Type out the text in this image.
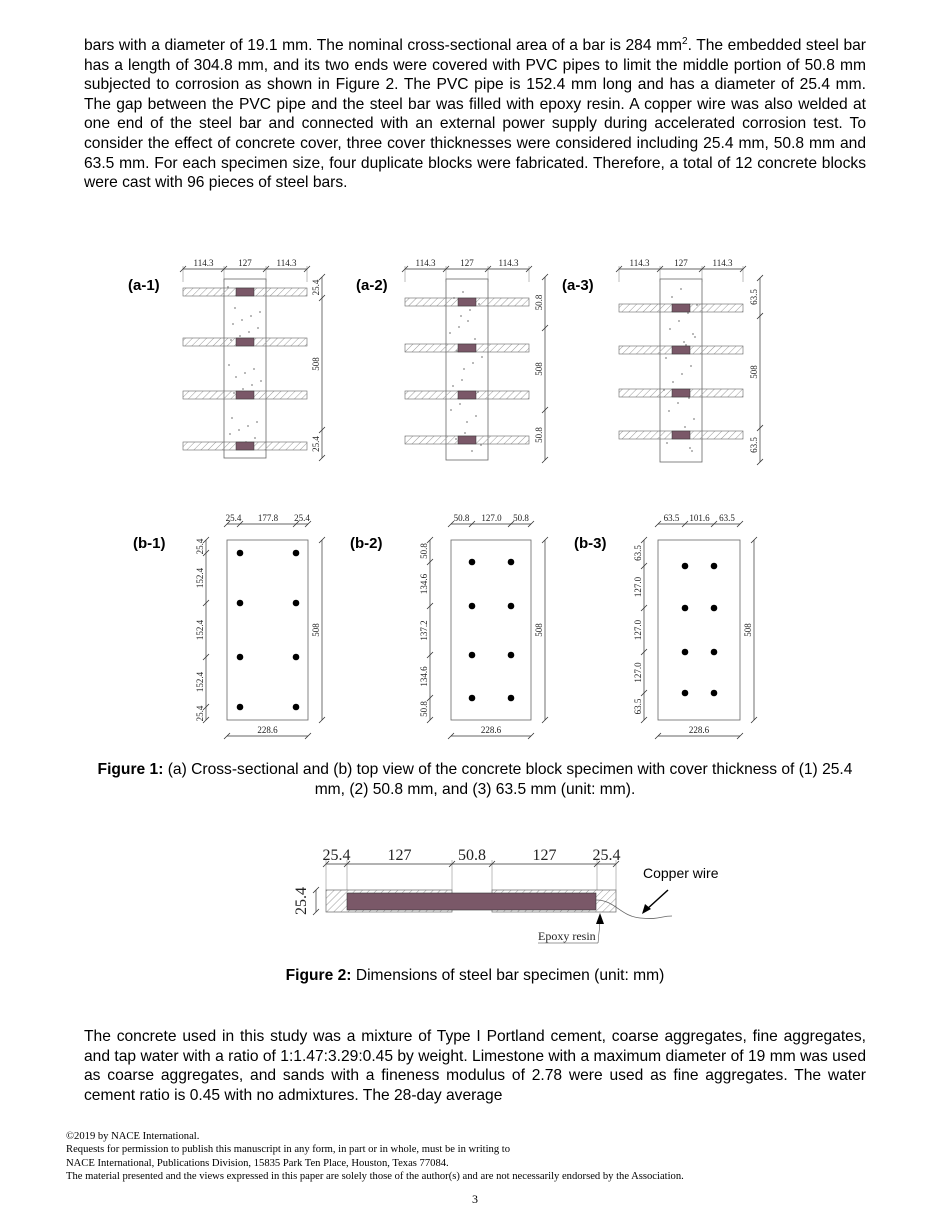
bars with a diameter of 19.1 mm. The nominal cross-sectional area of a bar is 284 $mm^2$. The embedded steel bar has a length of 304.8 mm, and its two ends were covered with PVC pipes to limit the middle portion of 50.8 mm subjected to corrosion as shown in Figure 2. The PVC pipe is 152.4 mm long and has a diameter of 25.4 mm. The gap between the PVC pipe and the steel bar was filled with epoxy resin. A copper wire was also welded at one end of the steel bar and connected with an external power supply during accelerated corrosion test. To consider the effect of concrete cover, three cover thicknesses were considered including 25.4 mm, 50.8 mm and 63.5 mm. For each specimen size, four duplicate blocks were fabricated. Therefore, a total of 12 concrete blocks were cast with 96 pieces of steel bars.

(a-1)
114.3	127	114.3
25.4
508
25.4
(a-2)
114.3	127	114.3
50.8
508
50.8
(a-3)
114.3	127	114.3
63.5
508
63.5
(b-1)
25.4 177.8 25.4
25.4
152.4
152.4
152.4
25.4
508
228.6
(b-2)
50.8 127.0 50.8
50.8
134.6
137.2
134.6
50.8
508
228.6
(b-3)
63.5 101.6 63.5
63.5
127.0
127.0
127.0
63.5
508
228.6

Figure 1: (a) Cross-sectional and (b) top view of the concrete block specimen with cover thickness of (1) 25.4 mm, (2) 50.8 mm, and (3) 63.5 mm (unit: mm).

25.4 127	50.8	127 25.4
25.4
Copper wire
Epoxy resin

Figure 2: Dimensions of steel bar specimen (unit: mm)

The concrete used in this study was a mixture of Type I Portland cement, coarse aggregates, fine aggregates, and tap water with a ratio of 1:1.47:3.29:0.45 by weight. Limestone with a maximum diameter of 19 mm was used as coarse aggregates, and sands with a fineness modulus of 2.78 were used as fine aggregates. The water cement ratio is 0.45 with no admixtures. The 28-day average

©2019 by NACE International.
Requests for permission to publish this manuscript in any form, in part or in whole, must be in writing to
NACE International, Publications Division, 15835 Park Ten Place, Houston, Texas 77084.
The material presented and the views expressed in this paper are solely those of the author(s) and are not necessarily endorsed by the Association.
3
